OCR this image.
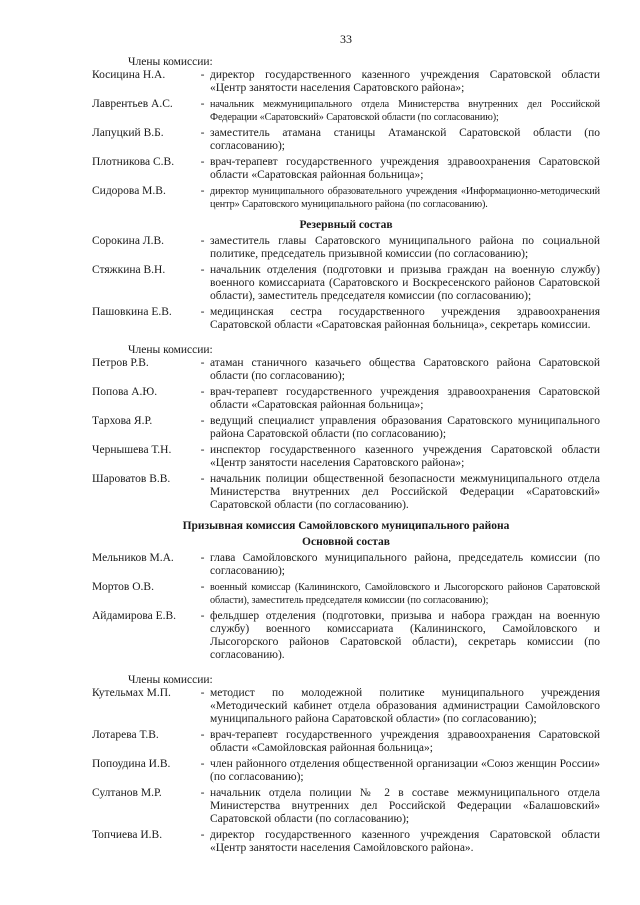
33
Члены комиссии:
Косицина Н.А.	- директор государственного казенного учреждения Саратовской области «Центр занятости населения Саратовского района»;
Лаврентьев А.С.	- начальник межмуниципального отдела Министерства внутренних дел Российской Федерации «Саратовский» Саратовской области (по согласованию);
Лапуцкий В.Б.	- заместитель атамана станицы Атаманской Саратовской области (по согласованию);
Плотникова С.В.	- врач-терапевт государственного учреждения здравоохранения Саратовской области «Саратовская районная больница»;
Сидорова М.В.	- директор муниципального образовательного учреждения «Информационно-методический центр» Саратовского муниципального района (по согласованию).
Резервный состав
Сорокина Л.В.	- заместитель главы Саратовского муниципального района по социальной политике, председатель призывной комиссии (по согласованию);
Стяжкина В.Н.	- начальник отделения (подготовки и призыва граждан на военную службу) военного комиссариата (Саратовского и Воскресенского районов Саратовской области), заместитель председателя комиссии (по согласованию);
Пашовкина Е.В.	- медицинская сестра государственного учреждения здравоохранения Саратовской области «Саратовская районная больница», секретарь комиссии.
Члены комиссии:
Петров Р.В.	- атаман станичного казачьего общества Саратовского района Саратовской области (по согласованию);
Попова А.Ю.	- врач-терапевт государственного учреждения здравоохранения Саратовской области «Саратовская районная больница»;
Тархова Я.Р.	- ведущий специалист управления образования Саратовского муниципального района Саратовской области (по согласованию);
Чернышева Т.Н.	- инспектор государственного казенного учреждения Саратовской области «Центр занятости населения Саратовского района»;
Шароватов В.В.	- начальник полиции общественной безопасности межмуниципального отдела Министерства внутренних дел Российской Федерации «Саратовский» Саратовской области (по согласованию).
Призывная комиссия Самойловского муниципального района
Основной состав
Мельников М.А.	- глава Самойловского муниципального района, председатель комиссии (по согласованию);
Мортов О.В.	- военный комиссар (Калининского, Самойловского и Лысогорского районов Саратовской области), заместитель председателя комиссии (по согласованию);
Айдамирова Е.В.	- фельдшер отделения (подготовки, призыва и набора граждан на военную службу) военного комиссариата (Калининского, Самойловского и Лысогорского районов Саратовской области), секретарь комиссии (по согласованию).
Члены комиссии:
Кутельмах М.П.	- методист по молодежной политике муниципального учреждения «Методический кабинет отдела образования администрации Самойловского муниципального района Саратовской области» (по согласованию);
Лотарева Т.В.	- врач-терапевт государственного учреждения здравоохранения Саратовской области «Самойловская районная больница»;
Попоудина И.В.	- член районного отделения общественной организации «Союз женщин России» (по согласованию);
Султанов М.Р.	- начальник отдела полиции № 2 в составе межмуниципального отдела Министерства внутренних дел Российской Федерации «Балашовский» Саратовской области (по согласованию);
Топчиева И.В.	- директор государственного казенного учреждения Саратовской области «Центр занятости населения Самойловского района».
